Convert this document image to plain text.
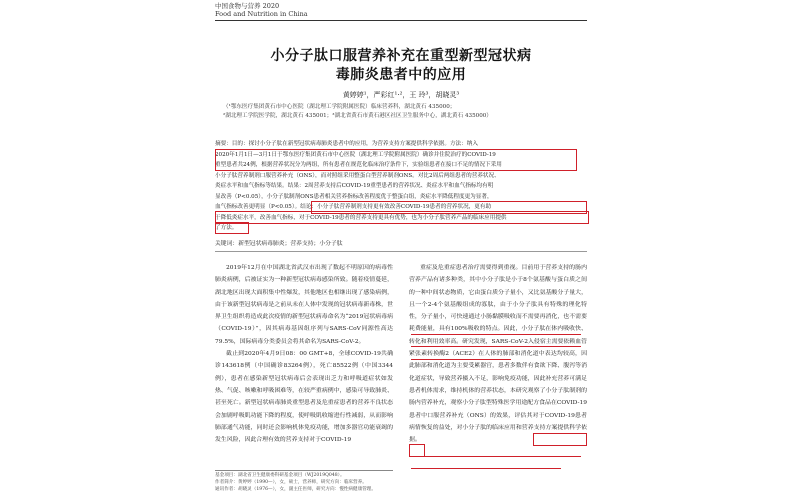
中国食物与营养 2020
Food and Nutrition in China
小分子肽口服营养补充在重型新型冠状病
毒肺炎患者中的应用
黄婷婷¹，严彩红¹·²，王 玲³，胡晓灵³
（¹鄂东医疗集团黄石市中心医院（湖北理工学院附属医院）临床营养科，湖北黄石 435000；
²湖北理工学院医学院，湖北黄石 435001；³湖北省黄石市黄石港区社区卫生服务中心，湖北黄石 435000）

摘要：目的：探讨小分子肽在新型冠状病毒肺炎患者中的应用，为营养支持方案提供科学依据。方法：纳入

2020年1月1日—3月1日于鄂东医疗集团黄石市中心医院（湖北理工学院附属医院）确诊并住院治疗的COVID-19

重型患者共24例，根据营养状况分为两组，所有患者在规范化临床治疗条件下，实验组患者在接口不足的情况下采用

小分子肽营养制剂口服营养补充（ONS），而对照组采用整蛋白型营养制剂ONS。对比2周后两组患者的营养状况、

炎症水平和血气指标等结果。结果：2周营养支持后COVID-19重型患者的营养状况、炎症水平和血气指标均有明

显改善（P<0.05），小分子肽制剂ONS患者相关营养指标改善程度优于整蛋白组，炎症水平降低程度更为显著，

血气指标改善更明显（P<0.05）。结论：小分子肽营养制剂支持更有效改善COVID-19患者的营养状况，更有助

于降低炎症水平，改善血气指标，对于COVID-19患者的营养支持更具有优势，也为小分子肽营养产品的临床应用提供

了方法。

关键词：新型冠状病毒肺炎；营养支持；小分子肽

2019年12月在中国湖北省武汉市出现了数起不明原因的病毒性肺炎病例，后被证实为一种新型冠状病毒感染所致。随着疫情蔓延，湖北地区出现大面积集中性爆发，其他地区也相继出现了感染病例，由于该新型冠状病毒是之前从未在人体中发现的冠状病毒新毒株，世界卫生组织将造成此次疫情的新型冠状病毒命名为“2019冠状病毒病（COVID-19）”，因其病毒基因组序列与SARS-CoV同源性高达79.5%，国际病毒分类委员会将其命名为SARS-CoV-2。

截止到2020年4月9日08：00 GMT+8，全球COVID-19共确诊143618例（中国确诊83264例），死亡85522例（中国3344例），患者在感染新型冠状病毒后会表现出乏力和呼吸道症状如发热、气促、咳嗽和呼吸困难等，在较严重病例中，感染可导致肺炎、甚至死亡。新型冠状病毒肺炎重型患者及危重症患者的营养不良状态会加剧呼吸肌功能下降的程度，使呼吸肌收缩进行性减弱，从而影响肺部通气功能，同时还会影响机体免疫功能，增加多器官功能衰竭的发生风险，因此合理有效的营养支持对于COVID-19

重症及危重症患者治疗需要得到重视。目前用于营养支持的肠内营养产品有诸多种类，其中小分子肽是小于8个氨基酸与蛋白质之间的一种中间状态物质，它由蛋白质分子量小，又比氨基酸分子量大，且一个2-4个氨基酸组成的寡肽，由于小分子肽具有特殊的理化特性，分子量小，可快速通过小肠黏膜吸收而不需要再消化，也不需要耗费能量，具有100%吸收的特点。因此，小分子肽在体内吸收快、转化和利用效率高。研究发现，SARS-CoV-2入侵宿主需要依赖血管紧张素转换酶2（ACE2）在人体的肺部和消化道中表达均较高，因此肺部和消化道为主要受累器官，患者多数伴有食欲下降、腹泻等消化道症状，导致营养摄入不足，影响免疫功能，因此补充营养可满足患者机体需求，维持机体的营养状态，本研究观察了小分子肽制剂的肠内营养补充，观察小分子肽型特殊医学用途配方食品在COVID-19患者中口服营养补充（ONS）的效果，评估其对于COVID-19患者病情恢复的益处，对小分子肽的临床应用和营养支持方案提供科学依据。

基金项目：湖北省卫生健康委科研基金项目（WJ2019Q048）。
作者简介：黄婷婷（1990—），女，硕士，营养师，研究方向：临床营养。
通讯作者：胡晓灵（1976—），女，副主任医师，研究方向：慢性病健康管理。
